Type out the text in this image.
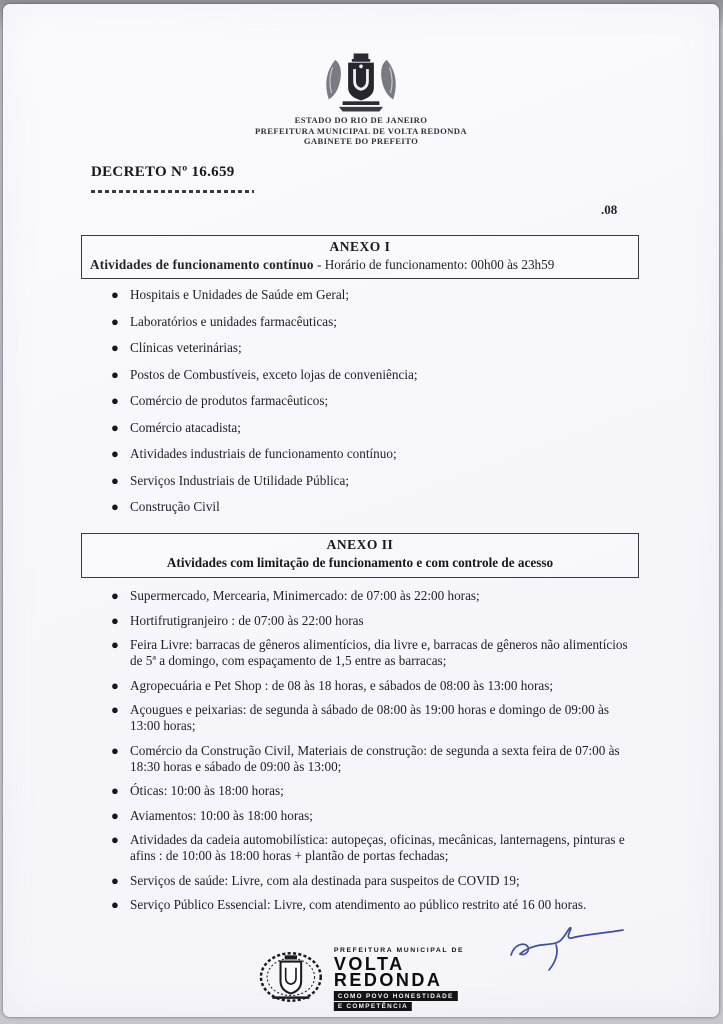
ESTADO DO RIO DE JANEIRO
PREFEITURA MUNICIPAL DE VOLTA REDONDA
GABINETE DO PREFEITO
DECRETO Nº 16.659
.08
ANEXO I
Atividades de funcionamento contínuo - Horário de funcionamento: 00h00 às 23h59
● Hospitais e Unidades de Saúde em Geral;
● Laboratórios e unidades farmacêuticas;
● Clínicas veterinárias;
● Postos de Combustíveis, exceto lojas de conveniência;
● Comércio de produtos farmacêuticos;
● Comércio atacadista;
● Atividades industriais de funcionamento contínuo;
● Serviços Industriais de Utilidade Pública;
● Construção Civil
ANEXO II
Atividades com limitação de funcionamento e com controle de acesso
● Supermercado, Mercearia, Minimercado: de 07:00 às 22:00 horas;
● Hortifrutigranjeiro : de 07:00 às 22:00 horas
● Feira Livre: barracas de gêneros alimentícios, dia livre e, barracas de gêneros não alimentícios de 5ª a domingo, com espaçamento de 1,5 entre as barracas;
● Agropecuária e Pet Shop : de 08 às 18 horas, e sábados de 08:00 às 13:00 horas;
● Açougues e peixarias: de segunda à sábado de 08:00 às 19:00 horas e domingo de 09:00 às 13:00 horas;
● Comércio da Construção Civil, Materiais de construção: de segunda a sexta feira de 07:00 às 18:30 horas e sábado de 09:00 às 13:00;
● Óticas: 10:00 às 18:00 horas;
● Aviamentos: 10:00 às 18:00 horas;
● Atividades da cadeia automobilística: autopeças, oficinas, mecânicas, lanternagens, pinturas e afins : de 10:00 às 18:00 horas + plantão de portas fechadas;
● Serviços de saúde: Livre, com ala destinada para suspeitos de COVID 19;
● Serviço Público Essencial: Livre, com atendimento ao público restrito até 16 00 horas.
PREFEITURA MUNICIPAL DE
VOLTA
REDONDA
COMO POVO HONESTIDADE
E COMPETÊNCIA
